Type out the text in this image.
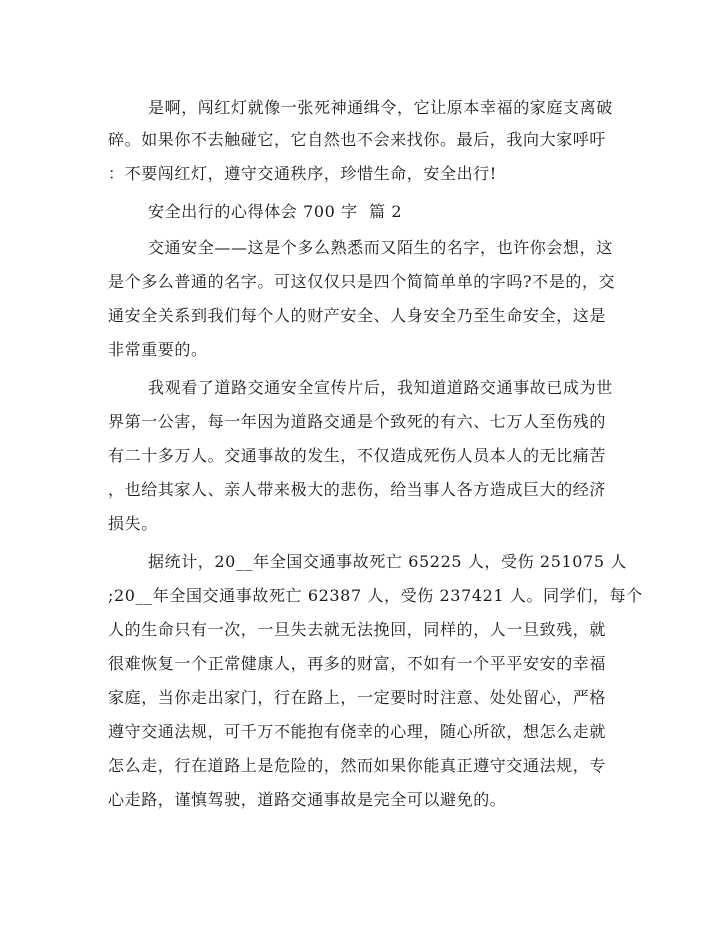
是啊，闯红灯就像一张死神通缉令，它让原本幸福的家庭支离破
碎。如果你不去触碰它，它自然也不会来找你。最后，我向大家呼吁
：不要闯红灯，遵守交通秩序，珍惜生命，安全出行!
安全出行的心得体会 700 字  篇 2
交通安全——这是个多么熟悉而又陌生的名字，也许你会想，这
是个多么普通的名字。可这仅仅只是四个简简单单的字吗?不是的，交
通安全关系到我们每个人的财产安全、人身安全乃至生命安全，这是
非常重要的。
我观看了道路交通安全宣传片后，我知道道路交通事故已成为世
界第一公害，每一年因为道路交通是个致死的有六、七万人至伤残的
有二十多万人。交通事故的发生，不仅造成死伤人员本人的无比痛苦
，也给其家人、亲人带来极大的悲伤，给当事人各方造成巨大的经济
损失。
据统计，20__年全国交通事故死亡 65225 人，受伤 251075 人
;20__年全国交通事故死亡 62387 人，受伤 237421 人。同学们，每个
人的生命只有一次，一旦失去就无法挽回，同样的，人一旦致残，就
很难恢复一个正常健康人，再多的财富，不如有一个平平安安的幸福
家庭，当你走出家门，行在路上，一定要时时注意、处处留心，严格
遵守交通法规，可千万不能抱有侥幸的心理，随心所欲，想怎么走就
怎么走，行在道路上是危险的，然而如果你能真正遵守交通法规，专
心走路，谨慎驾驶，道路交通事故是完全可以避免的。
